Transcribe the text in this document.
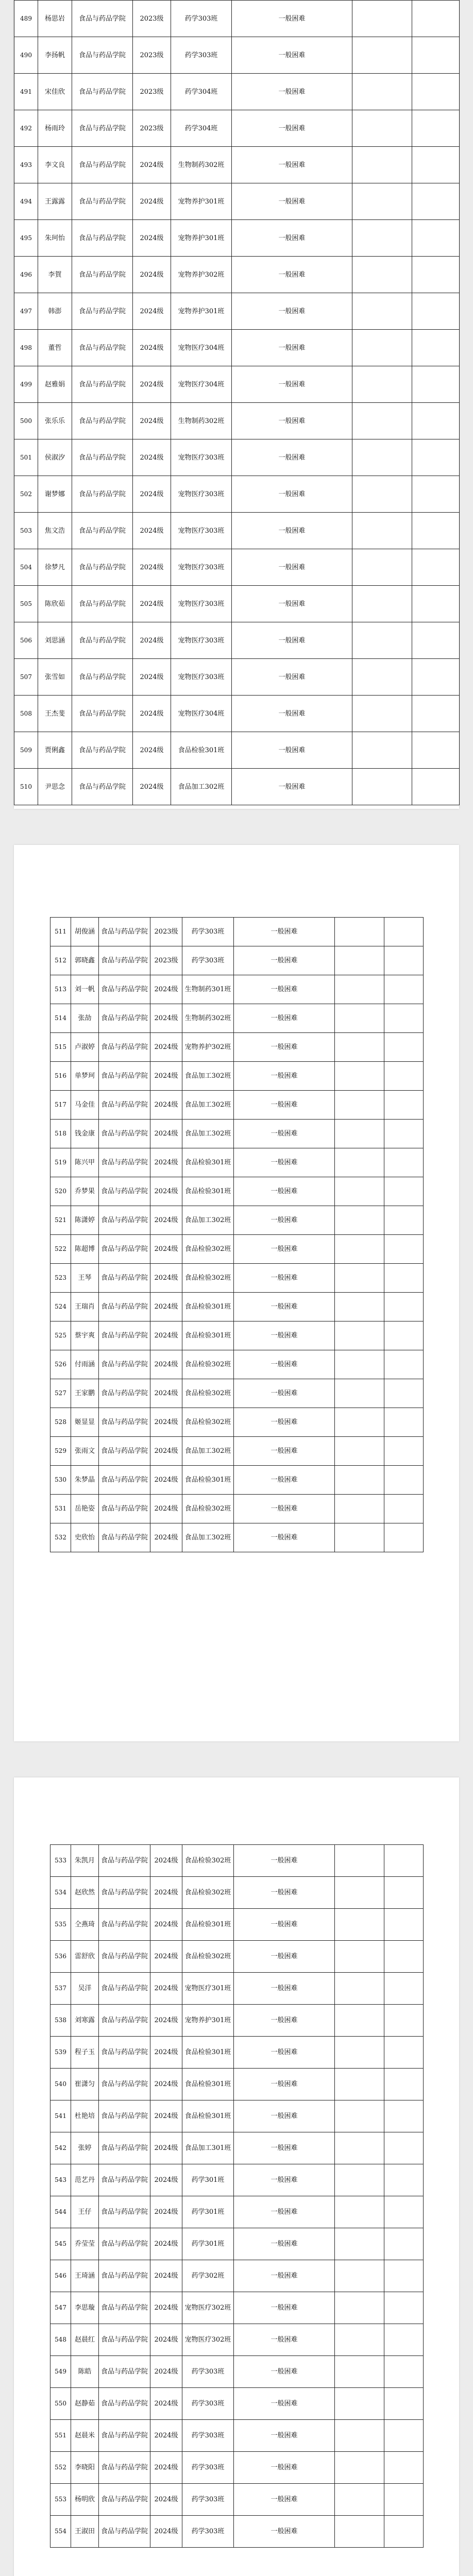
489	杨思岩	食品与药品学院	2023级	药学303班	一般困难		
490	李扬帆	食品与药品学院	2023级	药学303班	一般困难		
491	宋佳欣	食品与药品学院	2023级	药学304班	一般困难		
492	杨雨玲	食品与药品学院	2023级	药学304班	一般困难		
493	李文良	食品与药品学院	2024级	生物制药302班	一般困难		
494	王露露	食品与药品学院	2024级	宠物养护301班	一般困难		
495	朱珂怡	食品与药品学院	2024级	宠物养护301班	一般困难		
496	李賀	食品与药品学院	2024级	宠物养护302班	一般困难		
497	韩澎	食品与药品学院	2024级	宠物养护301班	一般困难		
498	董哲	食品与药品学院	2024级	宠物医疗304班	一般困难		
499	赵雅娟	食品与药品学院	2024级	宠物医疗304班	一般困难		
500	张乐乐	食品与药品学院	2024级	生物制药302班	一般困难		
501	侯淑汐	食品与药品学院	2024级	宠物医疗303班	一般困难		
502	谢梦娜	食品与药品学院	2024级	宠物医疗303班	一般困难		
503	焦文浩	食品与药品学院	2024级	宠物医疗303班	一般困难		
504	徐梦凡	食品与药品学院	2024级	宠物医疗303班	一般困难		
505	陈欣茹	食品与药品学院	2024级	宠物医疗303班	一般困难		
506	刘思涵	食品与药品学院	2024级	宠物医疗303班	一般困难		
507	张雪如	食品与药品学院	2024级	宠物医疗303班	一般困难		
508	王杰斐	食品与药品学院	2024级	宠物医疗304班	一般困难		
509	贾俐鑫	食品与药品学院	2024级	食品检验301班	一般困难		
510	尹思念	食品与药品学院	2024级	食品加工302班	一般困难		
511	胡俊涵	食品与药品学院	2023级	药学303班	一般困难		
512	郭晓鑫	食品与药品学院	2023级	药学303班	一般困难		
513	刘一帆	食品与药品学院	2024级	生物制药301班	一般困难		
514	张劼	食品与药品学院	2024级	生物制药302班	一般困难		
515	卢淑婷	食品与药品学院	2024级	宠物养护302班	一般困难		
516	单梦珂	食品与药品学院	2024级	食品加工302班	一般困难		
517	马金佳	食品与药品学院	2024级	食品加工302班	一般困难		
518	钱金康	食品与药品学院	2024级	食品加工302班	一般困难		
519	陈兴甲	食品与药品学院	2024级	食品检验301班	一般困难		
520	乔梦果	食品与药品学院	2024级	食品检验301班	一般困难		
521	陈潇婷	食品与药品学院	2024级	食品加工302班	一般困难		
522	陈超博	食品与药品学院	2024级	食品检验302班	一般困难		
523	王琴	食品与药品学院	2024级	食品检验302班	一般困难		
524	王瑞肖	食品与药品学院	2024级	食品检验301班	一般困难		
525	蔡宇爽	食品与药品学院	2024级	食品检验301班	一般困难		
526	付雨涵	食品与药品学院	2024级	食品检验302班	一般困难		
527	王家鹏	食品与药品学院	2024级	食品检验302班	一般困难		
528	姬显显	食品与药品学院	2024级	食品检验302班	一般困难		
529	张雨文	食品与药品学院	2024级	食品加工302班	一般困难		
530	朱梦晶	食品与药品学院	2024级	食品检验301班	一般困难		
531	岳艳姿	食品与药品学院	2024级	食品检验302班	一般困难		
532	史欣怡	食品与药品学院	2024级	食品加工302班	一般困难		
533	朱凯月	食品与药品学院	2024级	食品检验302班	一般困难		
534	赵欣然	食品与药品学院	2024级	食品检验302班	一般困难		
535	仝燕琦	食品与药品学院	2024级	食品检验301班	一般困难		
536	雷舒欣	食品与药品学院	2024级	食品检验302班	一般困难		
537	吴洋	食品与药品学院	2024级	宠物医疗301班	一般困难		
538	刘寒露	食品与药品学院	2024级	宠物养护301班	一般困难		
539	程子玉	食品与药品学院	2024级	食品检验301班	一般困难		
540	崔潇匀	食品与药品学院	2024级	食品检验301班	一般困难		
541	杜艳培	食品与药品学院	2024级	食品检验301班	一般困难		
542	张婷	食品与药品学院	2024级	食品加工301班	一般困难		
543	范艺丹	食品与药品学院	2024级	药学301班	一般困难		
544	王仔	食品与药品学院	2024级	药学301班	一般困难		
545	乔莹莹	食品与药品学院	2024级	药学301班	一般困难		
546	王琦涵	食品与药品学院	2024级	药学302班	一般困难		
547	李思璇	食品与药品学院	2024级	宠物医疗302班	一般困难		
548	赵晨红	食品与药品学院	2024级	宠物医疗302班	一般困难		
549	陈皓	食品与药品学院	2024级	药学303班	一般困难		
550	赵静茹	食品与药品学院	2024级	药学303班	一般困难		
551	赵晨米	食品与药品学院	2024级	药学303班	一般困难		
552	李晓阳	食品与药品学院	2024级	药学303班	一般困难		
553	杨明欣	食品与药品学院	2024级	药学303班	一般困难		
554	王淑田	食品与药品学院	2024级	药学303班	一般困难		
